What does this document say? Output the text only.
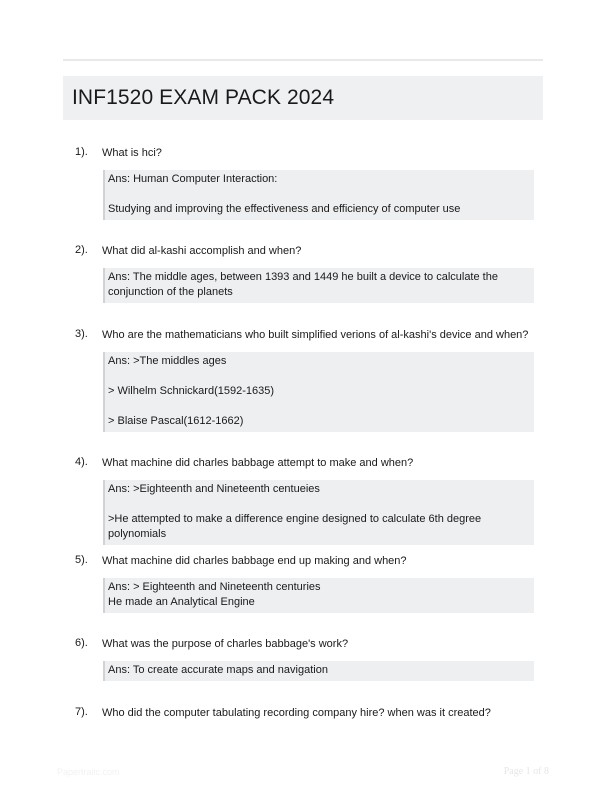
INF1520 EXAM PACK 2024
1). What is hci?
Ans: Human Computer Interaction:
Studying and improving the effectiveness and efficiency of computer use
2). What did al-kashi accomplish and when?
Ans: The middle ages, between 1393 and 1449 he built a device to calculate the
conjunction of the planets
3). Who are the mathematicians who built simplified verions of al-kashi's device and when?
Ans: >The middles ages
> Wilhelm Schnickard(1592-1635)
> Blaise Pascal(1612-1662)
4). What machine did charles babbage attempt to make and when?
Ans: >Eighteenth and Nineteenth centueies
>He attempted to make a difference engine designed to calculate 6th degree polynomials
5). What machine did charles babbage end up making and when?
Ans: > Eighteenth and Nineteenth centuries
He made an Analytical Engine
6). What was the purpose of charles babbage's work?
Ans: To create accurate maps and navigation
7). Who did the computer tabulating recording company hire? when was it created?
Papertrailc.com	Page 1 of 8
